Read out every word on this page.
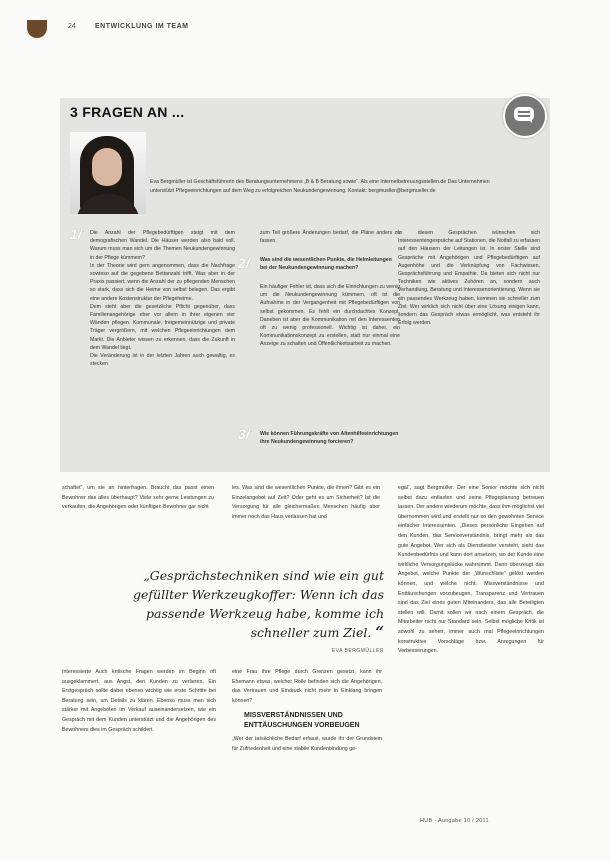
24	ENTWICKLUNG IM TEAM
3 FRAGEN AN ...
Eva Bergmüller ist Geschäftsführerin des Beratungsunternehmens „B & B Beratung sowie“. Als eine Internetbetreuungsstellen.de Das Unternehmen unterstützt Pflegeeinrichtungen auf dem Weg zu erfolgreichen Neukundengewinnung. Kontakt: bergmueller@bergmueller.de
1/ Die Anzahl der Pflegebedürftigen steigt mit dem demografischen Wandel. Die Häuser werden also bald voll. Warum muss man sich um die Themen Neukundengewinnung in der Pflege kümmern?

In der Theorie wird gern angenommen, dass die Nachfrage sowieso auf die gegebene Bettanzahl trifft. Was aber in der Praxis passiert, wenn die Anzahl der zu pflegenden Menschen so stark, dass sich die Heime von selbst belegen. Das ergibt eine andere Kostenstruktur der Pflegeheime.

Dem steht aber die gesetzliche Pflicht gegenüber, dass Familienangehörige eher vor allem in ihrer eigenen vier Wänden pflegen. Kommunale, freigemeinnützige und private Träger vergrößern, mit welchen Pflegeeinrichtungen dem Markt. Die Anbieter wissen zu erkennen, dass die Zukunft in dem Wandel liegt.

Die Veränderung ist in der letzten Jahren auch gewaltig, es stecken

zum Teil größere Änderungen bedarf, die Pläne anders zu fassen.
2/ Was sind die wesentlichen Punkte, die Heimleitungen bei der Neukundengewinnung machen?
Ein häufiger Fehler ist, dass sich die Einrichtungen zu wenig um die Neukundengewinnung kümmern, oft ist die Aufnahme in der Vergangenheit mit Pflegebedürftigen von selbst gekommen. Es fehlt ein durchdachtes Konzept. Daneben ist aber die Kommunikation mit den Interessenten oft zu wenig professionell. Wichtig ist daher, ein Kommunikationskonzept zu erstellen, statt nur einmal eine Anzeige zu schalten und Öffentlichkeitsarbeit zu machen.
3/ Wie können Führungskräfte von Altenhilfeeinrichtungen ihre Neukundengewinnung forcieren?
In diesen Gesprächen wünschen sich Interessentengespräche auf Stationen, die Notfall zu erfassen auf den Häusern der Leitungen ist. In erster Stelle sind Gespräche mit Angehörigen und Pflegebedürftigen auf Augenhöhe und die Verknüpfung von Fachwissen, Gesprächsführung und Empathie. Da bieten sich nicht nur Techniken wie aktives Zuhören an, sondern auch Verhandlung, Beratung und Interessenorientierung. Wenn sie ein passendes Werkzeug haben, kommen sie schneller zum Ziel. Wer wirklich sich nicht über eine Lösung einigen kann, sondern das Gespräch etwas ermöglicht, was entsteht ihr Erfolg werden.
schaftet“, um sie an hinterfragen. Braucht das passt einen Bewohner das alles überhaupt? Viele sehr gerne Leistungen zu verkaufen, die Angehörigen oder künftigen Bewohner gar nicht
les. Was sind die wesentlichen Punkte, die ihnen? Gibt es ein Einzelangebot auf Zeit? Oder geht es um Sicherheit? Ist die Versorgung für alle gleichermaßen Menschen häufig aber immer noch das Haus verlassen hat und
egal“, sagt Bergmüller. Der eine Senior möchte sich nicht selbst dazu entlasten und seine Pflegeplanung betreuen lassen. Der andere wiederum möchte, dass ihm möglichst viel übernommen wird und erstellt nur so den gewohnten Service einfacher Interessenten. „Dieses persönliche Eingehen auf den Kunden, das Serviceverständnis, bringt mehr als das gute Angebot. Wer sich als Dienstleister versteht, sieht das Kundenbedürfnis und kann dort ansetzen, wo der Kunde eine wirkliche Versorgungslücke wahrnimmt. Dann überzeugt das Angebot, welche Punkte der „Wunschliste“ gelöst werden können, und welche nicht. Missverständnisse und Enttäuschungen vorzubeugen, Transparenz und Vertrauen sind das Ziel eines guten Miteinanders, das alle Beteiligten stellen will. Damit sollen wir nach einem Gespräch, die Mitarbeiter nicht nur Standard sein. Selbst mögliche Kritik ist sowohl zu sehen, immer auch mal Pflegeeinrichtungen konstruktive Vorschläge bzw. Anregungen für Verbesserungen.
„Gesprächstechniken sind wie ein gut gefüllter Werkzeugkoffer: Wenn ich das passende Werkzeug habe, komme ich schneller zum Ziel. “
EVA BERGMÜLLER
Interessierte Auch kritische Fragen werden im Beginn oft ausgeklammert, aus Angst, den Kunden zu verlieren. Ein Erstgespräch sollte dabei ebenso wichtig wie erste Schritte bei Beratung sein, um Details zu klären. Ebenso muss man sich stärker mit Angeboten im Verkauf auseinandersetzen, wie ein Gespräch mit dem Kunden unterstützt und die Angehörigen des Bewohners dies im Gespräch schildert.
eine Frau ihre Pflege durch Grenzen gesetzt, kann ihr Ehemann etwas, welcher Rolle befinden sich die Angehörigen, das Vertrauen und Eindruck nicht mehr in Einklang bringen können?
MISSVERSTÄNDNISSEN UND ENTTÄUSCHUNGEN VORBEUGEN
„Wer der tatsächliche Bedarf erfasst, wurde ihr der Grundstein für Zufriedenheit und eine stabile Kundenbindung ge-
HUB · Ausgabe 10 / 2011
